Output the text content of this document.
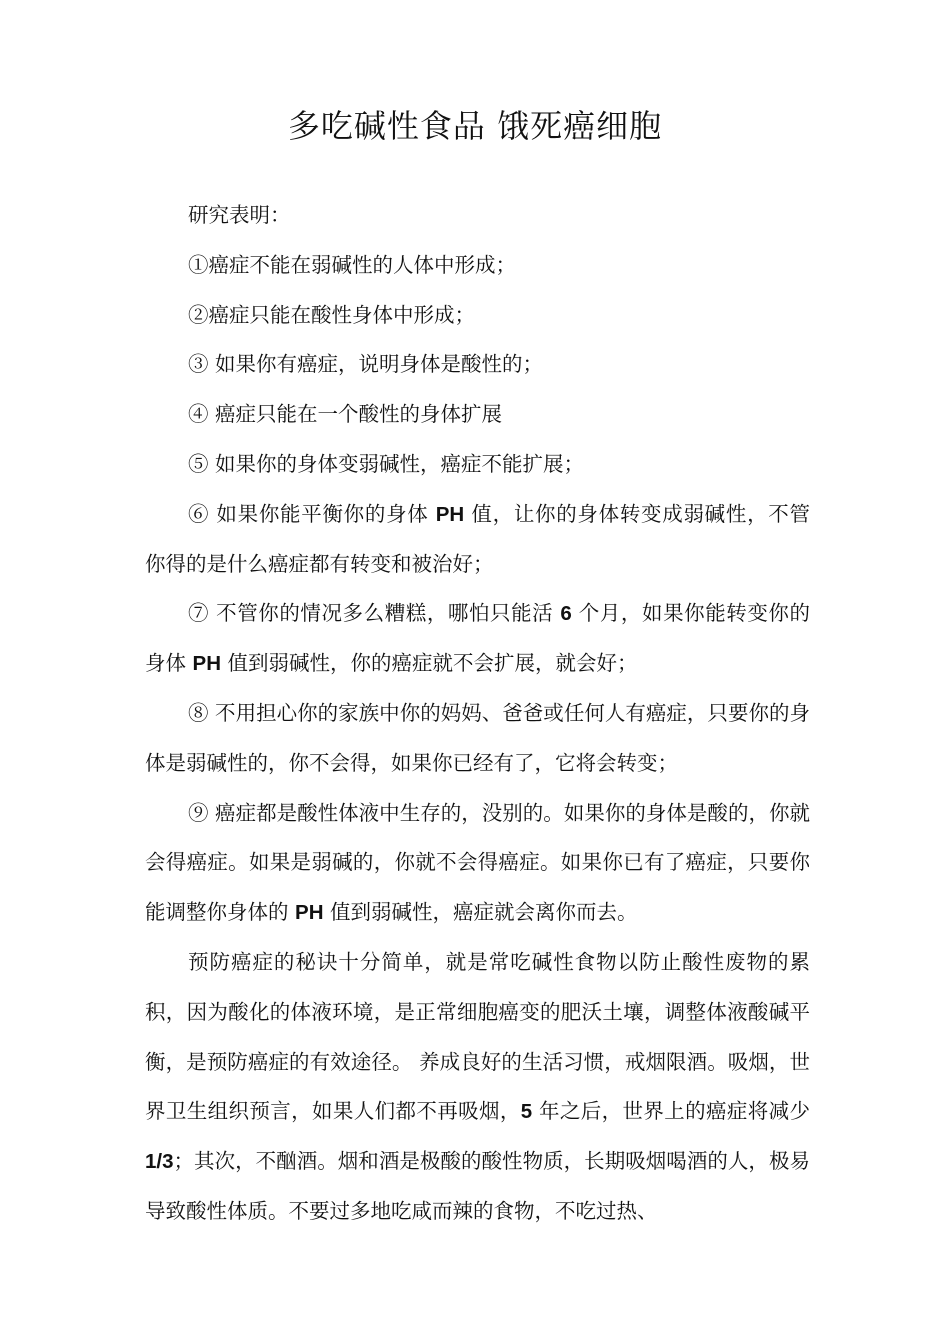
多吃碱性食品 饿死癌细胞

研究表明：

①癌症不能在弱碱性的人体中形成；

②癌症只能在酸性身体中形成；

③ 如果你有癌症，说明身体是酸性的；

④ 癌症只能在一个酸性的身体扩展

⑤ 如果你的身体变弱碱性，癌症不能扩展；

⑥ 如果你能平衡你的身体 PH 值，让你的身体转变成弱碱性，不管你得的是什么癌症都有转变和被治好；

⑦ 不管你的情况多么糟糕，哪怕只能活 6 个月，如果你能转变你的身体 PH 值到弱碱性，你的癌症就不会扩展，就会好；

⑧ 不用担心你的家族中你的妈妈、爸爸或任何人有癌症，只要你的身体是弱碱性的，你不会得，如果你已经有了，它将会转变；

⑨ 癌症都是酸性体液中生存的，没别的。如果你的身体是酸的，你就会得癌症。如果是弱碱的，你就不会得癌症。如果你已有了癌症，只要你能调整你身体的 PH 值到弱碱性，癌症就会离你而去。

预防癌症的秘诀十分简单，就是常吃碱性食物以防止酸性废物的累积，因为酸化的体液环境，是正常细胞癌变的肥沃土壤，调整体液酸碱平衡，是预防癌症的有效途径。 养成良好的生活习惯，戒烟限酒。吸烟，世界卫生组织预言，如果人们都不再吸烟，5 年之后，世界上的癌症将减少 1/3；其次，不酗酒。烟和酒是极酸的酸性物质，长期吸烟喝酒的人，极易导致酸性体质。不要过多地吃咸而辣的食物，不吃过热、
